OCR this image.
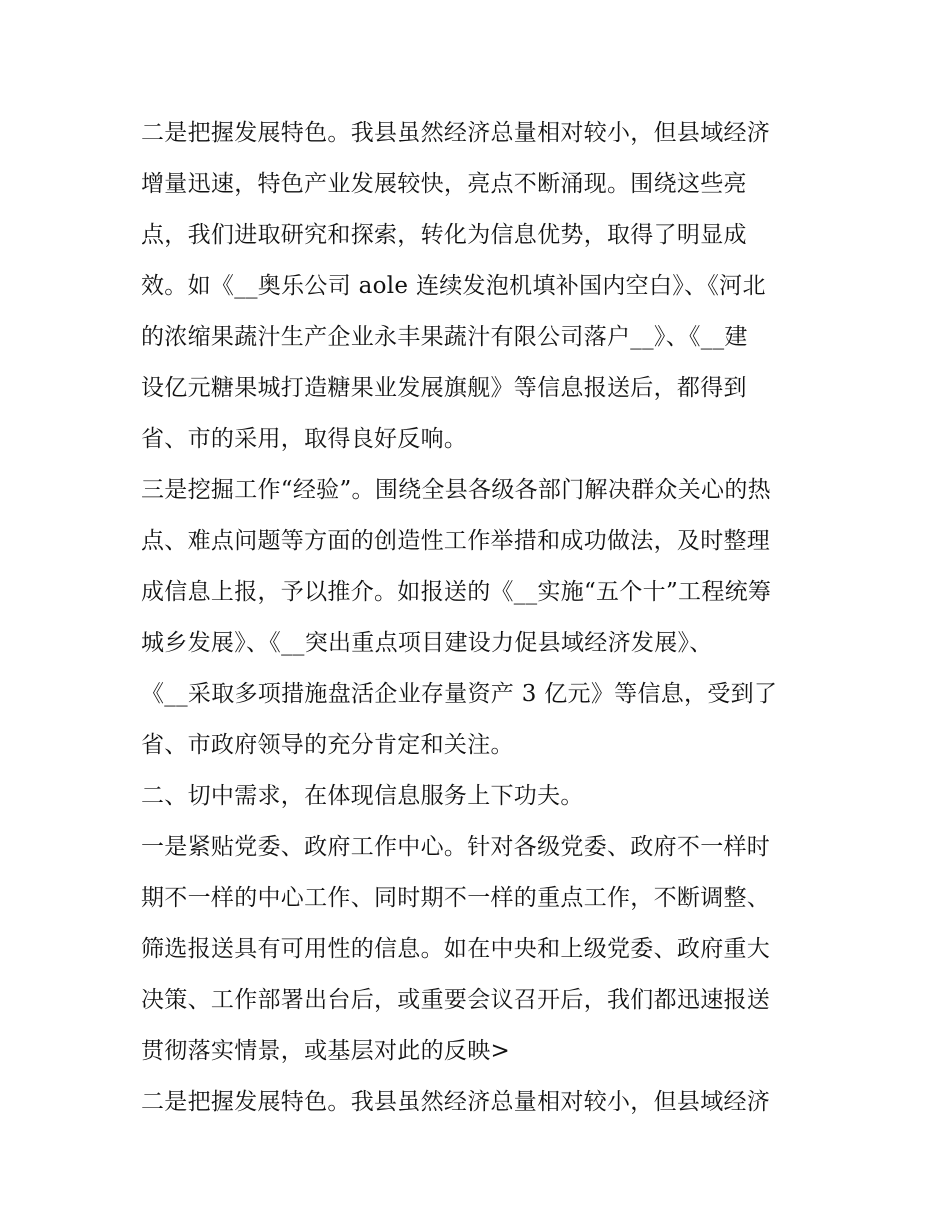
二是把握发展特色。我县虽然经济总量相对较小，但县域经济
增量迅速，特色产业发展较快，亮点不断涌现。围绕这些亮
点，我们进取研究和探索，转化为信息优势，取得了明显成
效。如《__奥乐公司 aole 连续发泡机填补国内空白》、《河北
的浓缩果蔬汁生产企业永丰果蔬汁有限公司落户__》、《__建
设亿元糖果城打造糖果业发展旗舰》等信息报送后，都得到
省、市的采用，取得良好反响。
三是挖掘工作“经验”。围绕全县各级各部门解决群众关心的热
点、难点问题等方面的创造性工作举措和成功做法，及时整理
成信息上报，予以推介。如报送的《__实施“五个十”工程统筹
城乡发展》、《__突出重点项目建设力促县域经济发展》、
《__采取多项措施盘活企业存量资产 3 亿元》等信息，受到了
省、市政府领导的充分肯定和关注。
二、切中需求，在体现信息服务上下功夫。
一是紧贴党委、政府工作中心。针对各级党委、政府不一样时
期不一样的中心工作、同时期不一样的重点工作，不断调整、
筛选报送具有可用性的信息。如在中央和上级党委、政府重大
决策、工作部署出台后，或重要会议召开后，我们都迅速报送
贯彻落实情景，或基层对此的反映>
二是把握发展特色。我县虽然经济总量相对较小，但县域经济
